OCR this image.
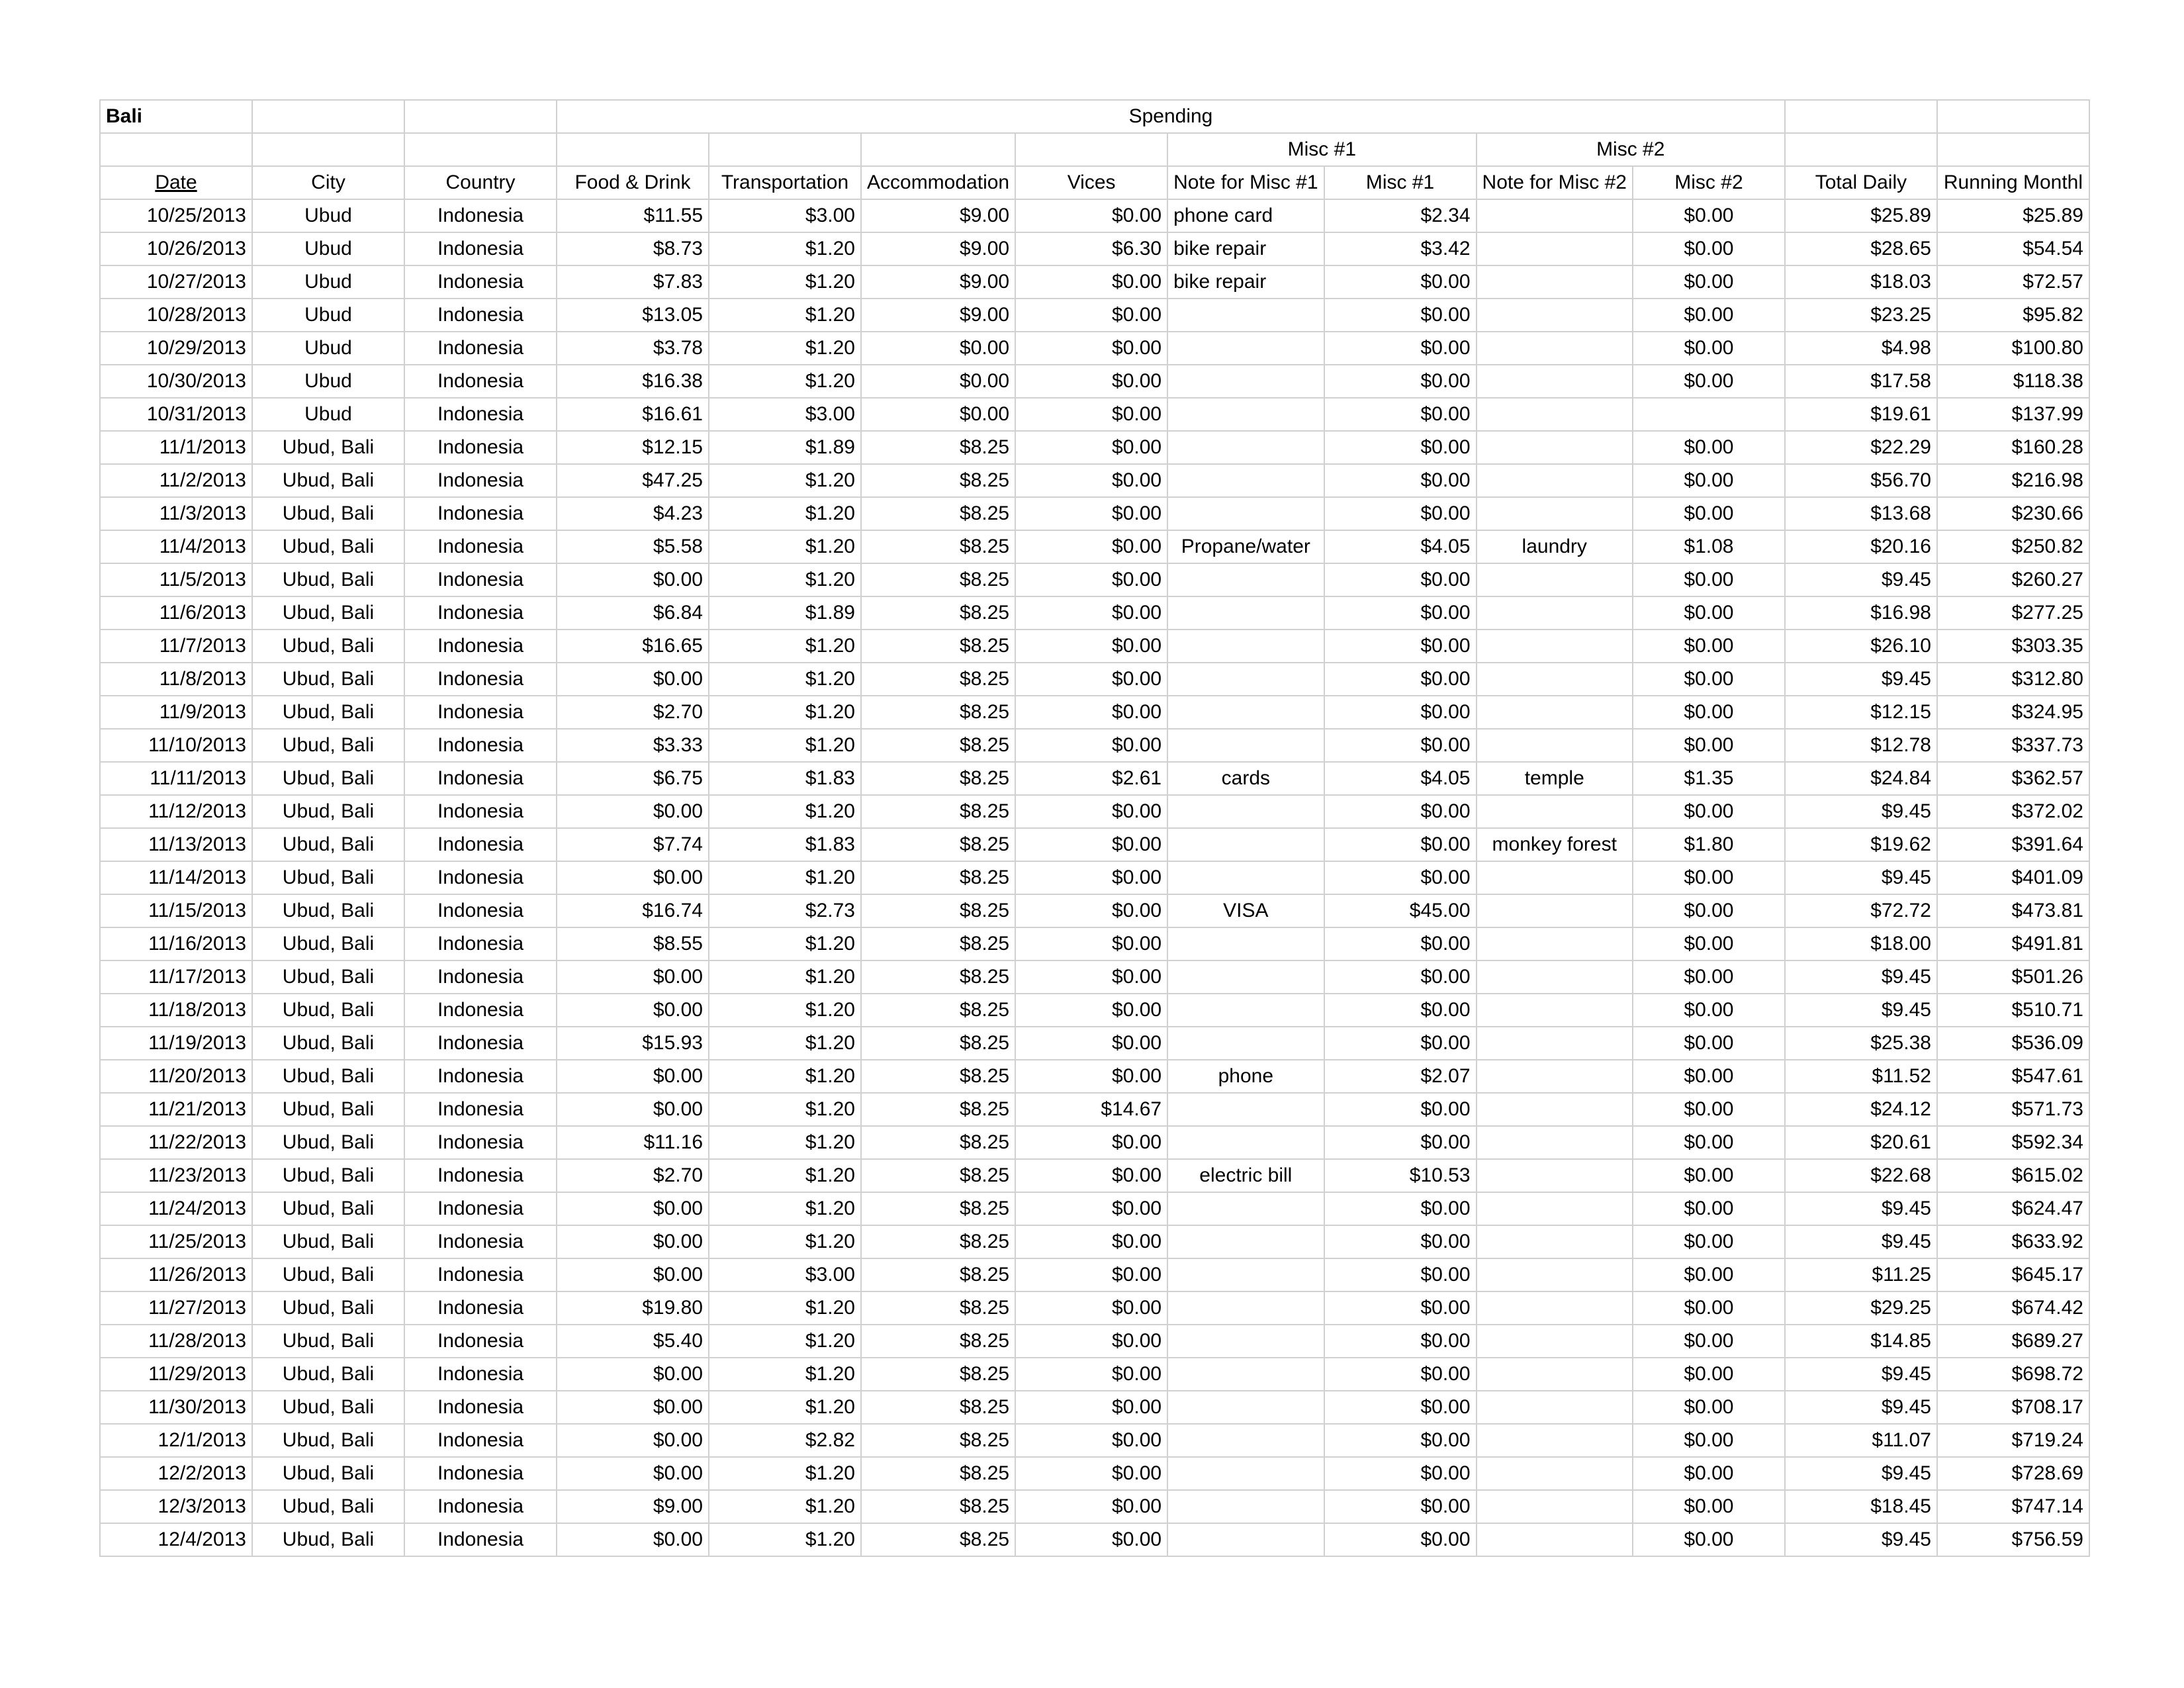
Bali			Spending									
							Misc #1		Misc #2			
Date	City	Country	Food & Drink	Transportation	Accommodation	Vices	Note for Misc #1	Misc #1	Note for Misc #2	Misc #2	Total Daily	Running Monthl
10/25/2013	Ubud	Indonesia	$11.55	$3.00	$9.00	$0.00	phone card	$2.34		$0.00	$25.89	$25.89
10/26/2013	Ubud	Indonesia	$8.73	$1.20	$9.00	$6.30	bike repair	$3.42		$0.00	$28.65	$54.54
10/27/2013	Ubud	Indonesia	$7.83	$1.20	$9.00	$0.00	bike repair	$0.00		$0.00	$18.03	$72.57
10/28/2013	Ubud	Indonesia	$13.05	$1.20	$9.00	$0.00		$0.00		$0.00	$23.25	$95.82
10/29/2013	Ubud	Indonesia	$3.78	$1.20	$0.00	$0.00		$0.00		$0.00	$4.98	$100.80
10/30/2013	Ubud	Indonesia	$16.38	$1.20	$0.00	$0.00		$0.00		$0.00	$17.58	$118.38
10/31/2013	Ubud	Indonesia	$16.61	$3.00	$0.00	$0.00		$0.00			$19.61	$137.99
11/1/2013	Ubud, Bali	Indonesia	$12.15	$1.89	$8.25	$0.00		$0.00		$0.00	$22.29	$160.28
11/2/2013	Ubud, Bali	Indonesia	$47.25	$1.20	$8.25	$0.00		$0.00		$0.00	$56.70	$216.98
11/3/2013	Ubud, Bali	Indonesia	$4.23	$1.20	$8.25	$0.00		$0.00		$0.00	$13.68	$230.66
11/4/2013	Ubud, Bali	Indonesia	$5.58	$1.20	$8.25	$0.00	Propane/water	$4.05	laundry	$1.08	$20.16	$250.82
11/5/2013	Ubud, Bali	Indonesia	$0.00	$1.20	$8.25	$0.00		$0.00		$0.00	$9.45	$260.27
11/6/2013	Ubud, Bali	Indonesia	$6.84	$1.89	$8.25	$0.00		$0.00		$0.00	$16.98	$277.25
11/7/2013	Ubud, Bali	Indonesia	$16.65	$1.20	$8.25	$0.00		$0.00		$0.00	$26.10	$303.35
11/8/2013	Ubud, Bali	Indonesia	$0.00	$1.20	$8.25	$0.00		$0.00		$0.00	$9.45	$312.80
11/9/2013	Ubud, Bali	Indonesia	$2.70	$1.20	$8.25	$0.00		$0.00		$0.00	$12.15	$324.95
11/10/2013	Ubud, Bali	Indonesia	$3.33	$1.20	$8.25	$0.00		$0.00		$0.00	$12.78	$337.73
11/11/2013	Ubud, Bali	Indonesia	$6.75	$1.83	$8.25	$2.61	cards	$4.05	temple	$1.35	$24.84	$362.57
11/12/2013	Ubud, Bali	Indonesia	$0.00	$1.20	$8.25	$0.00		$0.00		$0.00	$9.45	$372.02
11/13/2013	Ubud, Bali	Indonesia	$7.74	$1.83	$8.25	$0.00		$0.00	monkey forest	$1.80	$19.62	$391.64
11/14/2013	Ubud, Bali	Indonesia	$0.00	$1.20	$8.25	$0.00		$0.00		$0.00	$9.45	$401.09
11/15/2013	Ubud, Bali	Indonesia	$16.74	$2.73	$8.25	$0.00	VISA	$45.00		$0.00	$72.72	$473.81
11/16/2013	Ubud, Bali	Indonesia	$8.55	$1.20	$8.25	$0.00		$0.00		$0.00	$18.00	$491.81
11/17/2013	Ubud, Bali	Indonesia	$0.00	$1.20	$8.25	$0.00		$0.00		$0.00	$9.45	$501.26
11/18/2013	Ubud, Bali	Indonesia	$0.00	$1.20	$8.25	$0.00		$0.00		$0.00	$9.45	$510.71
11/19/2013	Ubud, Bali	Indonesia	$15.93	$1.20	$8.25	$0.00		$0.00		$0.00	$25.38	$536.09
11/20/2013	Ubud, Bali	Indonesia	$0.00	$1.20	$8.25	$0.00	phone	$2.07		$0.00	$11.52	$547.61
11/21/2013	Ubud, Bali	Indonesia	$0.00	$1.20	$8.25	$14.67		$0.00		$0.00	$24.12	$571.73
11/22/2013	Ubud, Bali	Indonesia	$11.16	$1.20	$8.25	$0.00		$0.00		$0.00	$20.61	$592.34
11/23/2013	Ubud, Bali	Indonesia	$2.70	$1.20	$8.25	$0.00	electric bill	$10.53		$0.00	$22.68	$615.02
11/24/2013	Ubud, Bali	Indonesia	$0.00	$1.20	$8.25	$0.00		$0.00		$0.00	$9.45	$624.47
11/25/2013	Ubud, Bali	Indonesia	$0.00	$1.20	$8.25	$0.00		$0.00		$0.00	$9.45	$633.92
11/26/2013	Ubud, Bali	Indonesia	$0.00	$3.00	$8.25	$0.00		$0.00		$0.00	$11.25	$645.17
11/27/2013	Ubud, Bali	Indonesia	$19.80	$1.20	$8.25	$0.00		$0.00		$0.00	$29.25	$674.42
11/28/2013	Ubud, Bali	Indonesia	$5.40	$1.20	$8.25	$0.00		$0.00		$0.00	$14.85	$689.27
11/29/2013	Ubud, Bali	Indonesia	$0.00	$1.20	$8.25	$0.00		$0.00		$0.00	$9.45	$698.72
11/30/2013	Ubud, Bali	Indonesia	$0.00	$1.20	$8.25	$0.00		$0.00		$0.00	$9.45	$708.17
12/1/2013	Ubud, Bali	Indonesia	$0.00	$2.82	$8.25	$0.00		$0.00		$0.00	$11.07	$719.24
12/2/2013	Ubud, Bali	Indonesia	$0.00	$1.20	$8.25	$0.00		$0.00		$0.00	$9.45	$728.69
12/3/2013	Ubud, Bali	Indonesia	$9.00	$1.20	$8.25	$0.00		$0.00		$0.00	$18.45	$747.14
12/4/2013	Ubud, Bali	Indonesia	$0.00	$1.20	$8.25	$0.00		$0.00		$0.00	$9.45	$756.59
